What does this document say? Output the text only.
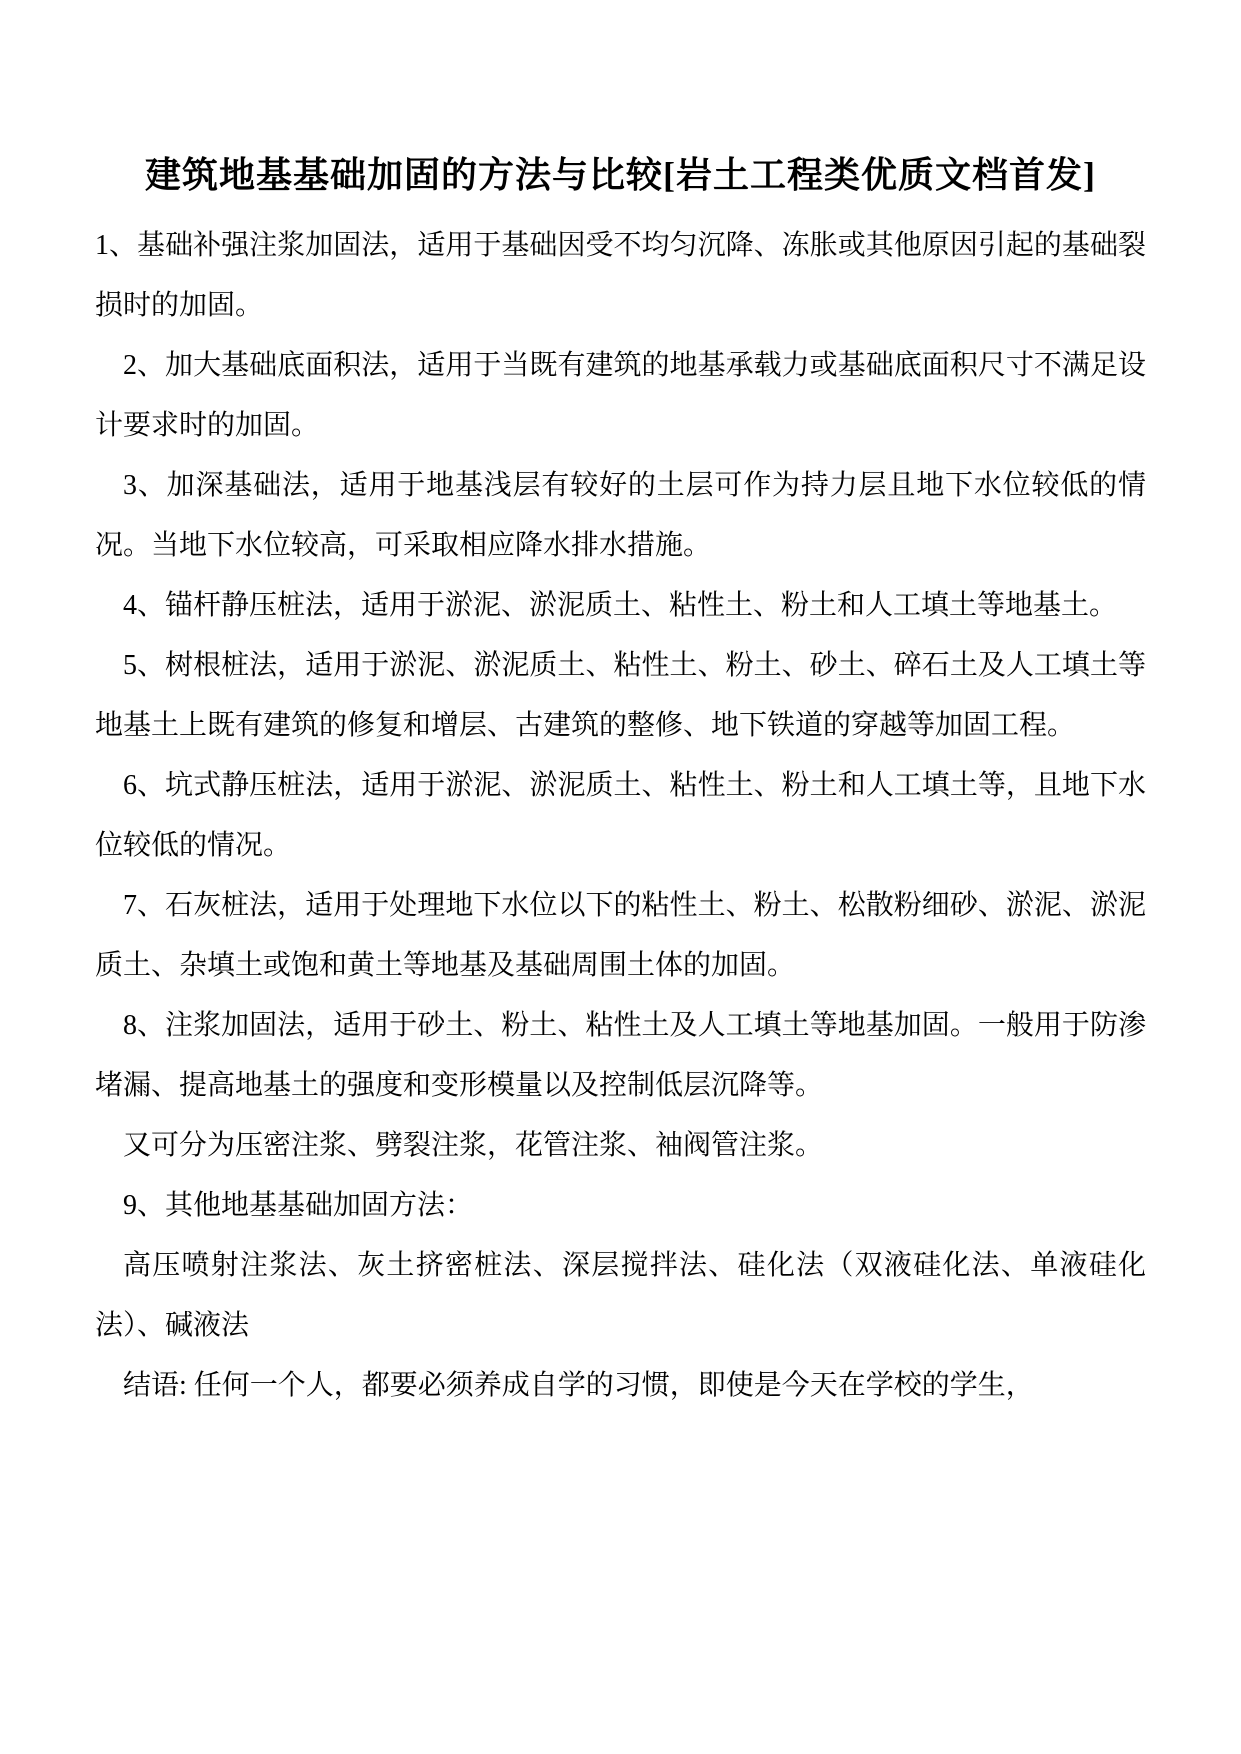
建筑地基基础加固的方法与比较[岩土工程类优质文档首发]

1、基础补强注浆加固法，适用于基础因受不均匀沉降、冻胀或其他原因引起的基础裂损时的加固。

2、加大基础底面积法，适用于当既有建筑的地基承载力或基础底面积尺寸不满足设计要求时的加固。

3、加深基础法，适用于地基浅层有较好的土层可作为持力层且地下水位较低的情况。当地下水位较高，可采取相应降水排水措施。

4、锚杆静压桩法，适用于淤泥、淤泥质土、粘性土、粉土和人工填土等地基土。

5、树根桩法，适用于淤泥、淤泥质土、粘性土、粉土、砂土、碎石土及人工填土等地基土上既有建筑的修复和增层、古建筑的整修、地下铁道的穿越等加固工程。

6、坑式静压桩法，适用于淤泥、淤泥质土、粘性土、粉土和人工填土等，且地下水位较低的情况。

7、石灰桩法，适用于处理地下水位以下的粘性土、粉土、松散粉细砂、淤泥、淤泥质土、杂填土或饱和黄土等地基及基础周围土体的加固。

8、注浆加固法，适用于砂土、粉土、粘性土及人工填土等地基加固。一般用于防渗堵漏、提高地基土的强度和变形模量以及控制低层沉降等。

又可分为压密注浆、劈裂注浆，花管注浆、袖阀管注浆。

9、其他地基基础加固方法：

高压喷射注浆法、灰土挤密桩法、深层搅拌法、硅化法（双液硅化法、单液硅化法）、碱液法

结语: 任何一个人，都要必须养成自学的习惯，即使是今天在学校的学生，
